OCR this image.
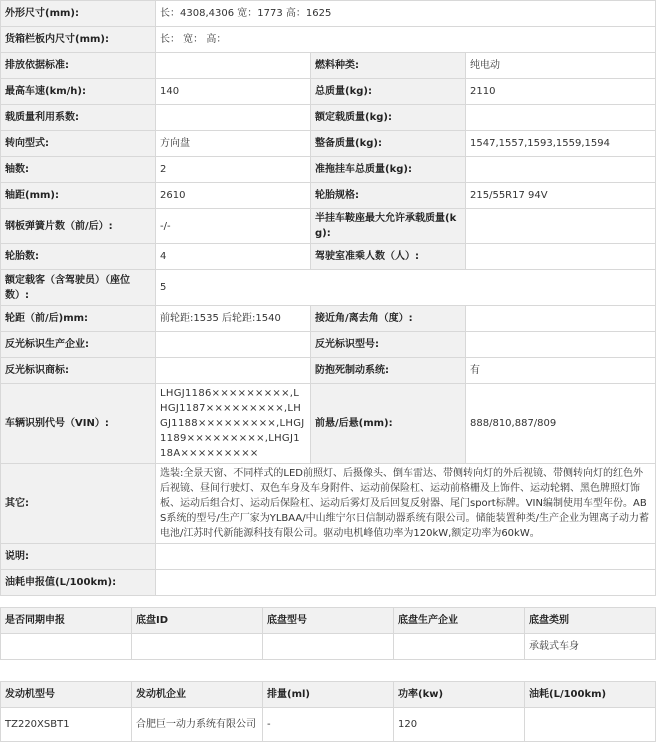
外形尺寸(mm):	长：4308,4306 宽：1773 高：1625		
货箱栏板内尺寸(mm):	长： 宽： 高：		
排放依据标准:		燃料种类:	纯电动
最高车速(km/h):	140	总质量(kg):	2110
载质量利用系数:		额定载质量(kg):	
转向型式:	方向盘	整备质量(kg):	1547,1557,1593,1559,1594
轴数:	2	准拖挂车总质量(kg):	
轴距(mm):	2610	轮胎规格:	215/55R17 94V
钢板弹簧片数（前/后）:	-/-	半挂车鞍座最大允许承载质量(kg):	
轮胎数:	4	驾驶室准乘人数（人）:	
额定载客（含驾驶员）（座位数）:	5		
轮距（前/后)mm:	前轮距:1535 后轮距:1540	接近角/离去角（度）:	
反光标识生产企业:		反光标识型号:	
反光标识商标:		防抱死制动系统:	有
车辆识别代号（VIN）:	LHGJ1186×××××××××,LHGJ1187×××××××××,LHGJ1188×××××××××,LHGJ1189×××××××××,LHGJ118A×××××××××	前悬/后悬(mm):	888/810,887/809
其它:	选装:全景天窗、不同样式的LED前照灯、后摄像头、倒车雷达、带侧转向灯的外后视镜、带侧转向灯的红色外后视镜、昼间行驶灯、双色车身及车身附件、运动前保险杠、运动前格栅及上饰件、运动轮辋、黑色牌照灯饰板、运动后组合灯、运动后保险杠、运动后雾灯及后回复反射器、尾门sport标牌。VIN编制使用车型年份。ABS系统的型号/生产厂家为YLBAA/中山维宁尔日信制动器系统有限公司。储能装置种类/生产企业为锂离子动力蓄电池/江苏时代新能源科技有限公司。驱动电机峰值功率为120kW,额定功率为60kW。		
说明:			
油耗申报值(L/100km):			
是否同期申报	底盘ID	底盘型号	底盘生产企业	底盘类别
				承载式车身
发动机型号	发动机企业	排量(ml)	功率(kw)	油耗(L/100km)
TZ220XSBT1	合肥巨一动力系统有限公司	-	120	
